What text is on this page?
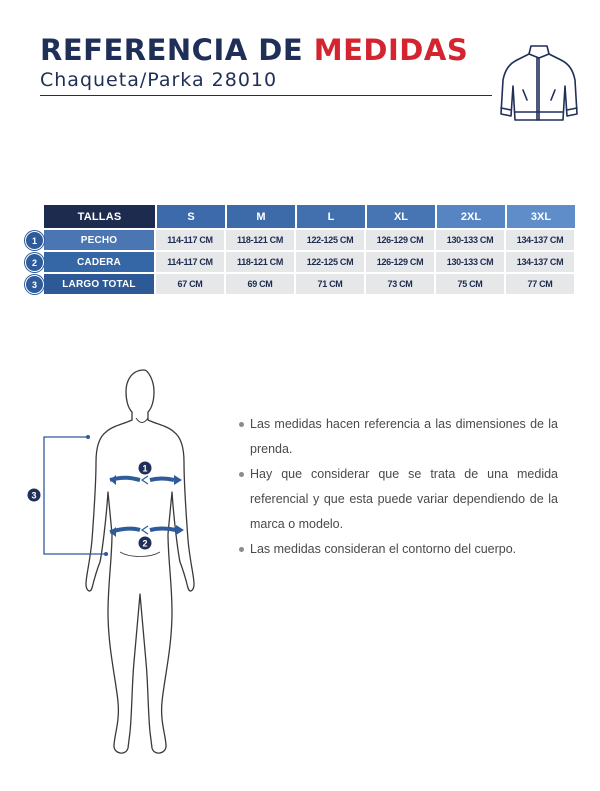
REFERENCIA DE MEDIDAS

Chaqueta/Parka 28010

TALLAS	S	M	L	XL	2XL	3XL
1	PECHO	114-117 CM	118-121 CM	122-125 CM	126-129 CM	130-133 CM	134-137 CM
2	CADERA	114-117 CM	118-121 CM	122-125 CM	126-129 CM	130-133 CM	134-137 CM
3	LARGO TOTAL	67 CM	69 CM	71 CM	73 CM	75 CM	77 CM
3
1
2
Las medidas hacen referencia a las dimensiones de la prenda.
Hay que considerar que se trata de una medida referencial y que esta puede variar dependiendo de la marca o modelo.
Las medidas consideran el contorno del cuerpo.
